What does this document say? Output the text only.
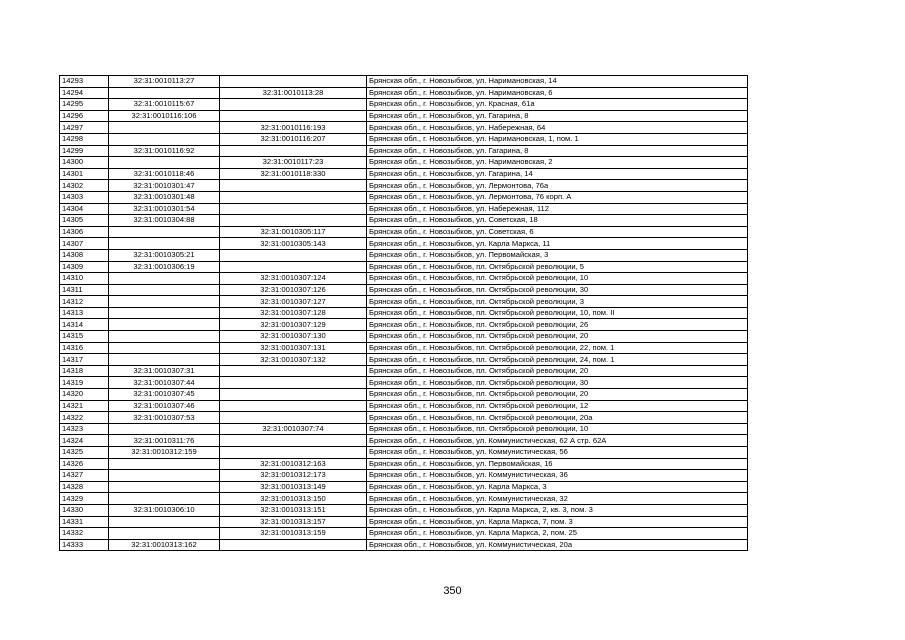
14293	32:31:0010113:27		Брянская обл., г. Новозыбков, ул. Наримановская, 14
14294		32:31:0010113:28	Брянская обл., г. Новозыбков, ул. Наримановская, 6
14295	32:31:0010115:67		Брянская обл., г. Новозыбков, ул. Красная, 61а
14296	32:31:0010116:106		Брянская обл., г. Новозыбков, ул. Гагарина, 8
14297		32:31:0010116:193	Брянская обл., г. Новозыбков, ул. Набережная, 64
14298		32:31:0010116:207	Брянская обл., г. Новозыбков, ул. Наримановская, 1, пом. 1
14299	32:31:0010116:92		Брянская обл., г. Новозыбков, ул. Гагарина, 8
14300		32:31:0010117:23	Брянская обл., г. Новозыбков, ул. Наримановская, 2
14301	32:31:0010118:46	32:31:0010118:330	Брянская обл., г. Новозыбков, ул. Гагарина, 14
14302	32:31:0010301:47		Брянская обл., г. Новозыбков, ул. Лермонтова, 76а
14303	32:31:0010301:48		Брянская обл., г. Новозыбков, ул. Лермонтова, 76 корп. А
14304	32:31:0010301:54		Брянская обл., г. Новозыбков, ул. Набережная, 112
14305	32:31:0010304:88		Брянская обл., г. Новозыбков, ул. Советская, 18
14306		32:31:0010305:117	Брянская обл., г. Новозыбков, ул. Советская, 6
14307		32:31:0010305:143	Брянская обл., г. Новозыбков, ул. Карла Маркса, 11
14308	32:31:0010305:21		Брянская обл., г. Новозыбков, ул. Первомайская, 3
14309	32:31:0010306:19		Брянская обл., г. Новозыбков, пл. Октябрьской революции, 5
14310		32:31:0010307:124	Брянская обл., г. Новозыбков, пл. Октябрьской революции, 10
14311		32:31:0010307:126	Брянская обл., г. Новозыбков, пл. Октябрьской революции, 30
14312		32:31:0010307:127	Брянская обл., г. Новозыбков, пл. Октябрьской революции, 3
14313		32:31:0010307:128	Брянская обл., г. Новозыбков, пл. Октябрьской революции, 10, пом. II
14314		32:31:0010307:129	Брянская обл., г. Новозыбков, пл. Октябрьской революции, 26
14315		32:31:0010307:130	Брянская обл., г. Новозыбков, пл. Октябрьской революции, 20
14316		32:31:0010307:131	Брянская обл., г. Новозыбков, пл. Октябрьской революции, 22, пом. 1
14317		32:31:0010307:132	Брянская обл., г. Новозыбков, пл. Октябрьской революции, 24, пом. 1
14318	32:31:0010307:31		Брянская обл., г. Новозыбков, пл. Октябрьской революции, 20
14319	32:31:0010307:44		Брянская обл., г. Новозыбков, пл. Октябрьской революции, 30
14320	32:31:0010307:45		Брянская обл., г. Новозыбков, пл. Октябрьской революции, 20
14321	32:31:0010307:46		Брянская обл., г. Новозыбков, пл. Октябрьской революции, 12
14322	32:31:0010307:53		Брянская обл., г. Новозыбков, пл. Октябрьской революции, 20а
14323		32:31:0010307:74	Брянская обл., г. Новозыбков, пл. Октябрьской революции, 10
14324	32:31:0010311:76		Брянская обл., г. Новозыбков, ул. Коммунистическая, 62 А стр. 62А
14325	32:31:0010312:159		Брянская обл., г. Новозыбков, ул. Коммунистическая, 56
14326		32:31:0010312:163	Брянская обл., г. Новозыбков, ул. Первомайская, 16
14327		32:31:0010312:173	Брянская обл., г. Новозыбков, ул. Коммунистическая, 36
14328		32:31:0010313:149	Брянская обл., г. Новозыбков, ул. Карла Маркса, 3
14329		32:31:0010313:150	Брянская обл., г. Новозыбков, ул. Коммунистическая, 32
14330	32:31:0010306:10	32:31:0010313:151	Брянская обл., г. Новозыбков, ул. Карла Маркса, 2, кв. 3, пом. 3
14331		32:31:0010313:157	Брянская обл., г. Новозыбков, ул. Карла Маркса, 7, пом. 3
14332		32:31:0010313:159	Брянская обл., г. Новозыбков, ул. Карла Маркса, 2, пом. 25
14333	32:31:0010313:162		Брянская обл., г. Новозыбков, ул. Коммунистическая, 20а
350
